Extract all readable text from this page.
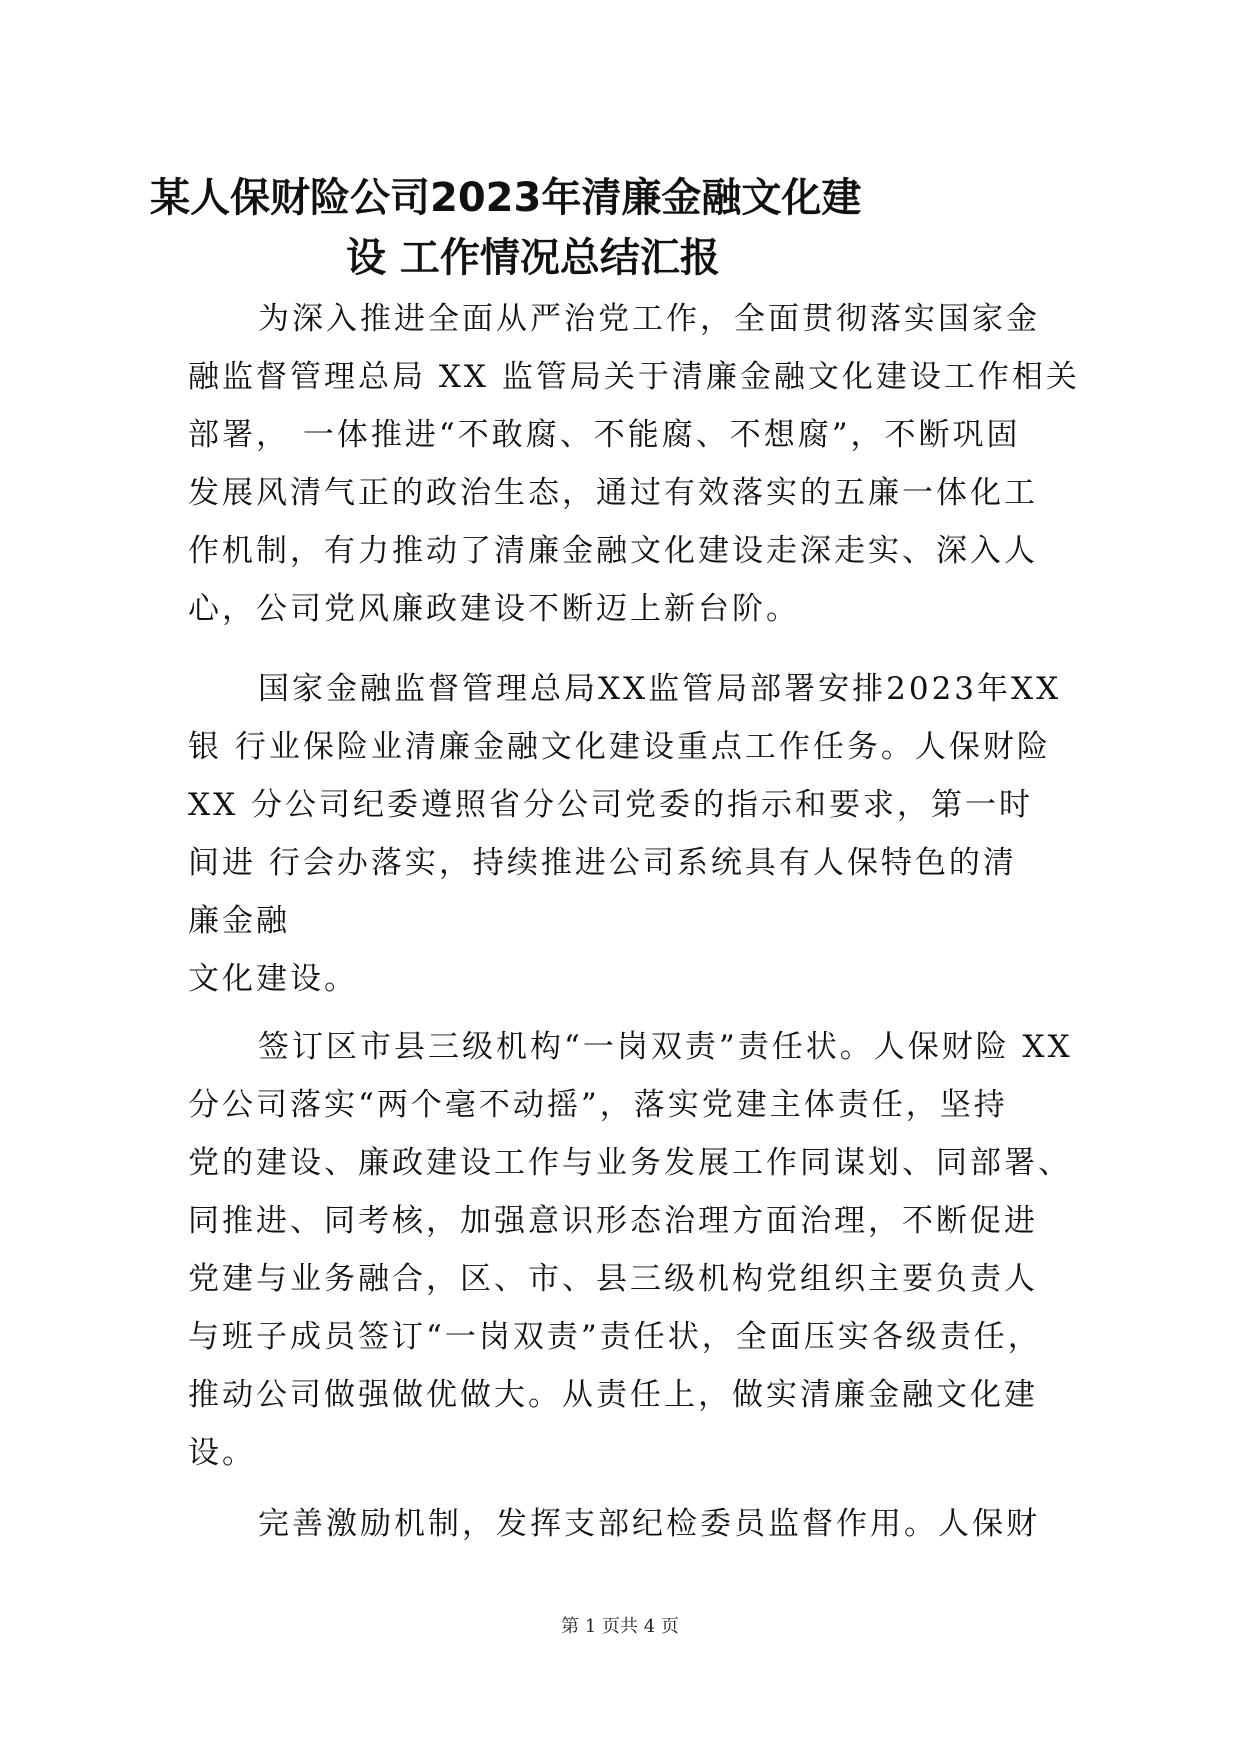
某人保财险公司2023年清廉金融文化建
设 工作情况总结汇报

为深入推进全面从严治党工作，全面贯彻落实国家金
融监督管理总局 XX 监管局关于清廉金融文化建设工作相关
部署， 一体推进“不敢腐、不能腐、不想腐”，不断巩固
发展风清气正的政治生态，通过有效落实的五廉一体化工
作机制，有力推动了清廉金融文化建设走深走实、深入人
心，公司党风廉政建设不断迈上新台阶。

国家金融监督管理总局XX监管局部署安排2023年XX
银 行业保险业清廉金融文化建设重点工作任务。人保财险
XX 分公司纪委遵照省分公司党委的指示和要求，第一时
间进 行会办落实，持续推进公司系统具有人保特色的清
廉金融
文化建设。

签订区市县三级机构“一岗双责”责任状。人保财险 XX
分公司落实“两个毫不动摇”，落实党建主体责任，坚持
党的建设、廉政建设工作与业务发展工作同谋划、同部署、
同推进、同考核，加强意识形态治理方面治理，不断促进
党建与业务融合，区、市、县三级机构党组织主要负责人
与班子成员签订“一岗双责”责任状，全面压实各级责任，
推动公司做强做优做大。从责任上，做实清廉金融文化建
设。

完善激励机制，发挥支部纪检委员监督作用。人保财

第 1 页共 4 页
